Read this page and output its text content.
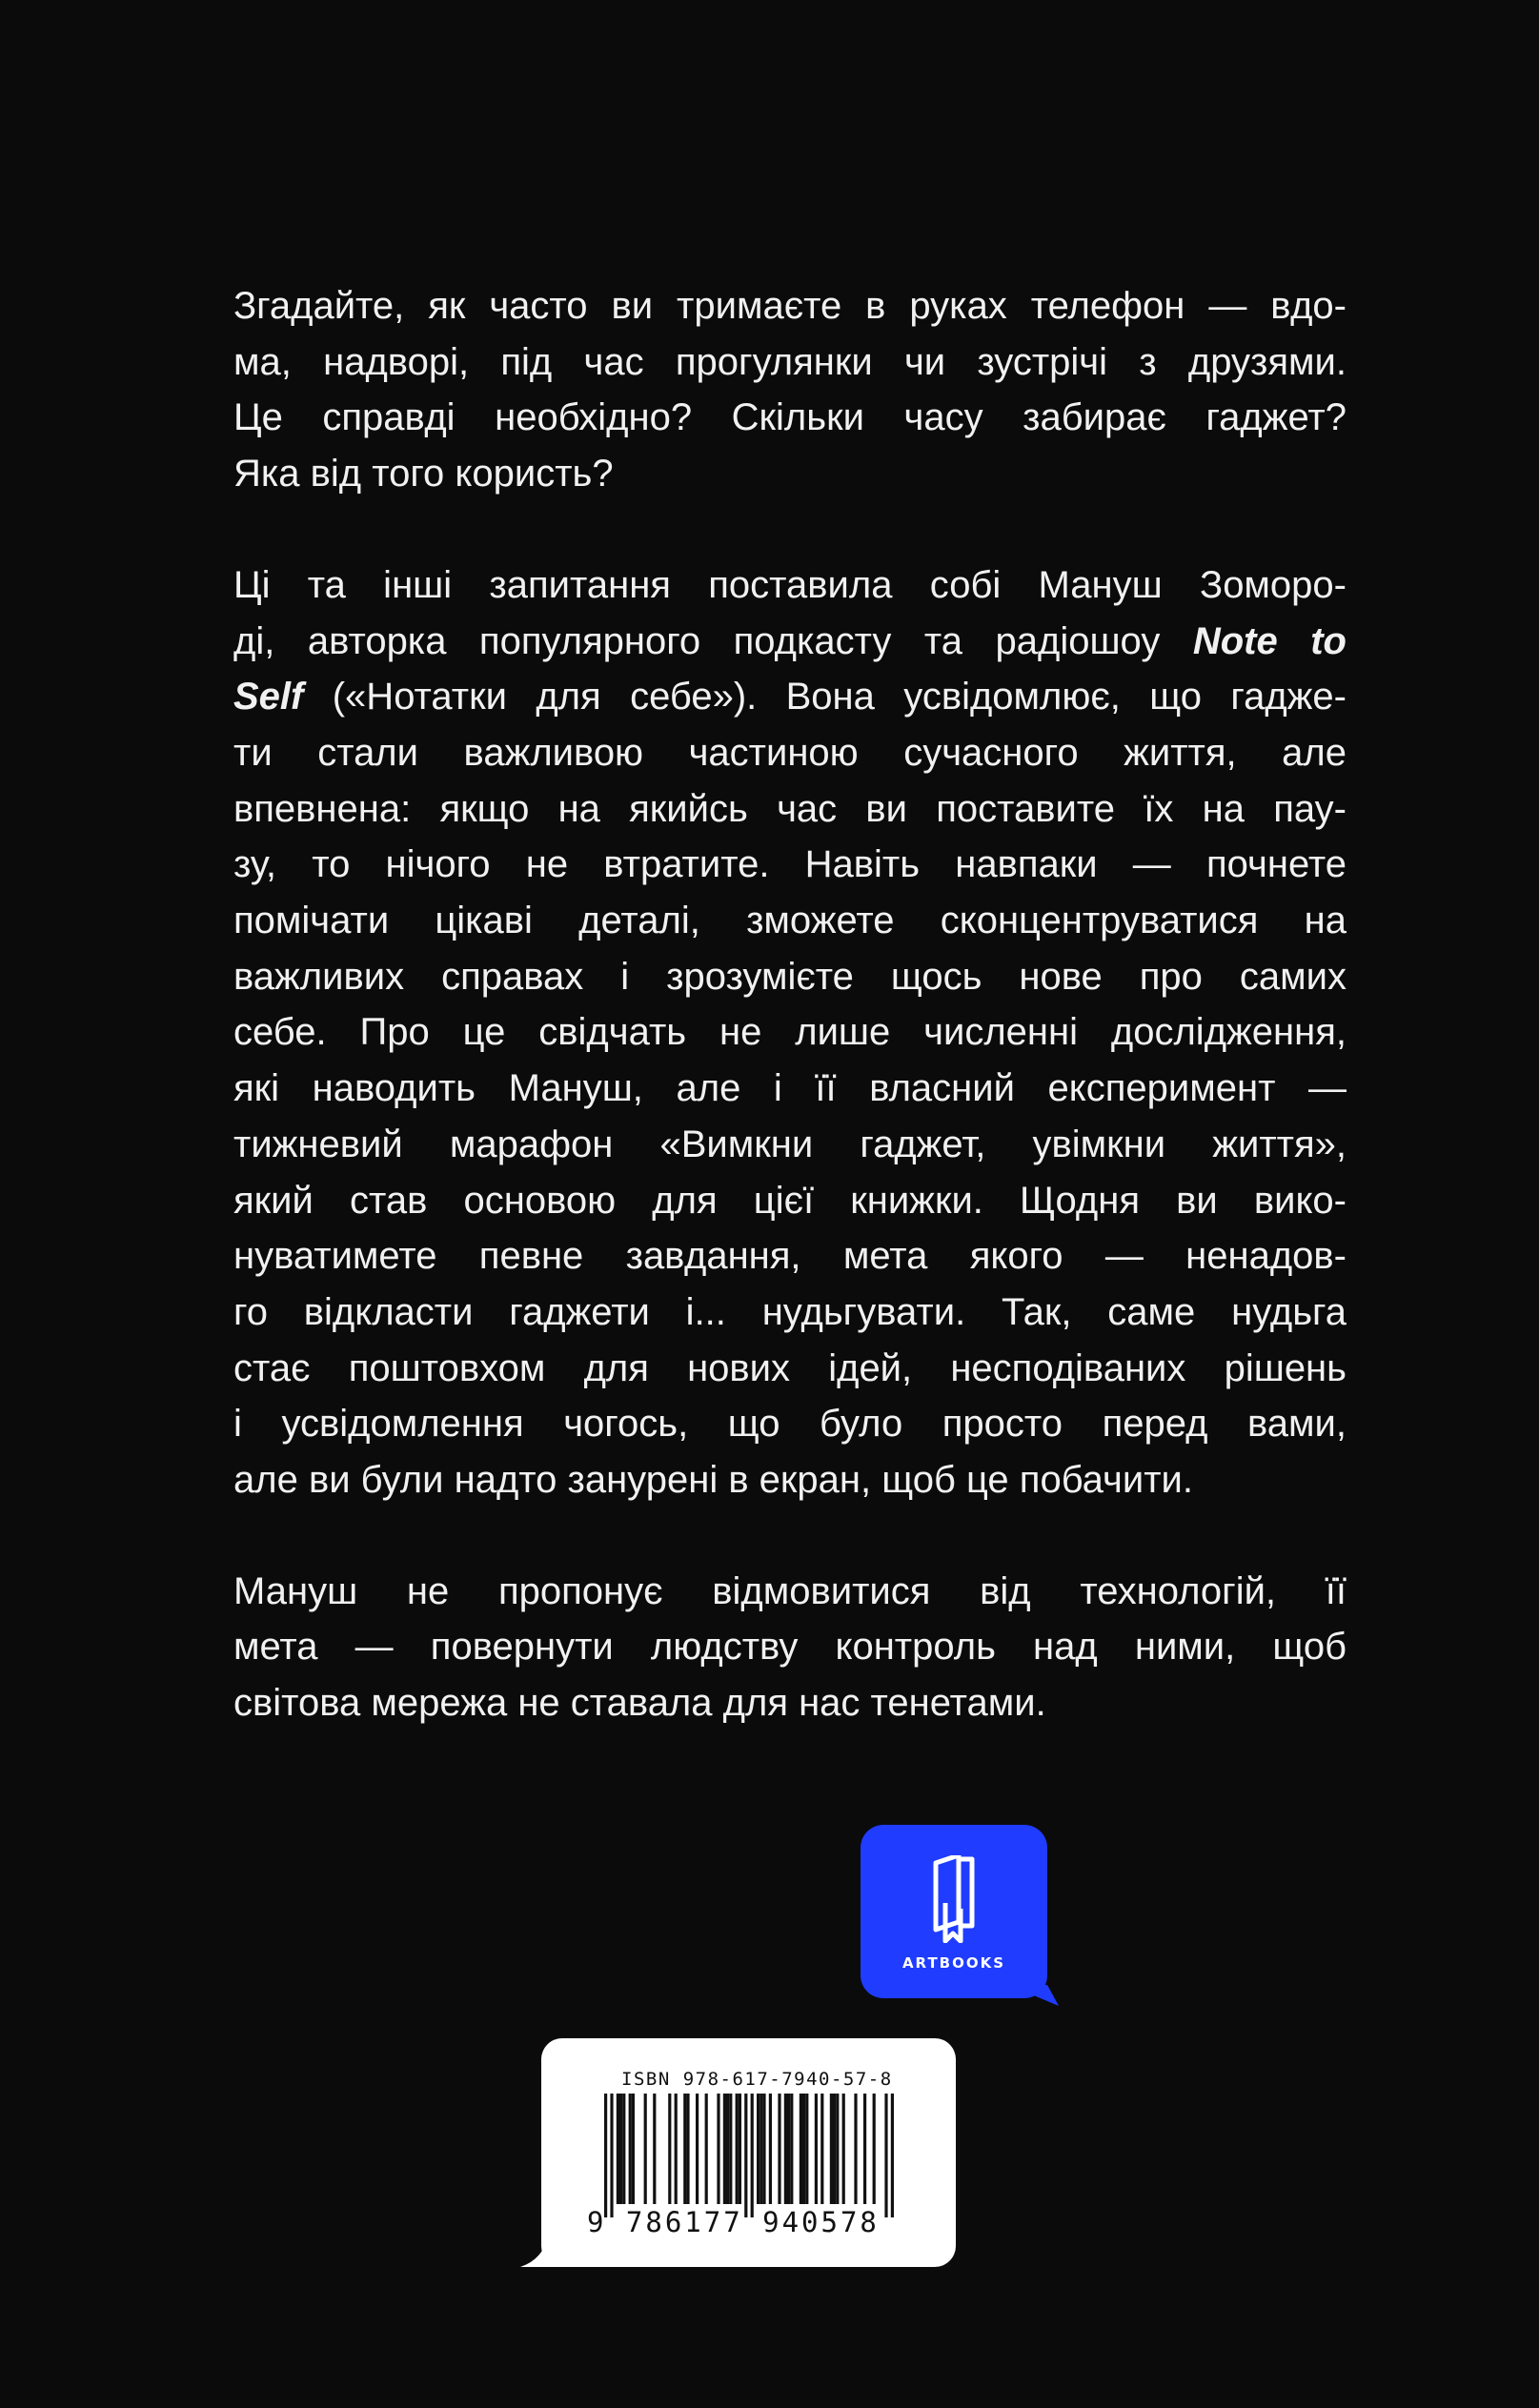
Згадайте, як часто ви тримаєте в руках телефон — вдо-
ма, надворі, під час прогулянки чи зустрічі з друзями.
Це справді необхідно? Скільки часу забирає гаджет?
Яка від того користь?

Ці та інші запитання поставила собі Мануш Зоморо-
ді, авторка популярного подкасту та радіошоу Note to
Self («Нотатки для себе»). Вона усвідомлює, що гадже-
ти стали важливою частиною сучасного життя, але
впевнена: якщо на якийсь час ви поставите їх на пау-
зу, то нічого не втратите. Навіть навпаки — почнете
помічати цікаві деталі, зможете сконцентруватися на
важливих справах і зрозумієте щось нове про самих
себе. Про це свідчать не лише численні дослідження,
які наводить Мануш, але і її власний експеримент —
тижневий марафон «Вимкни гаджет, увімкни життя»,
який став основою для цієї книжки. Щодня ви вико-
нуватимете певне завдання, мета якого — ненадов-
го відкласти гаджети і... нудьгувати. Так, саме нудьга
стає поштовхом для нових ідей, несподіваних рішень
і усвідомлення чогось, що було просто перед вами,
але ви були надто занурені в екран, щоб це побачити.

Мануш не пропонує відмовитися від технологій, її
мета — повернути людству контроль над ними, щоб
світова мережа не ставала для нас тенетами.

ARTBOOKS
ISBN 978-617-7940-57-8
9 786177 940578
